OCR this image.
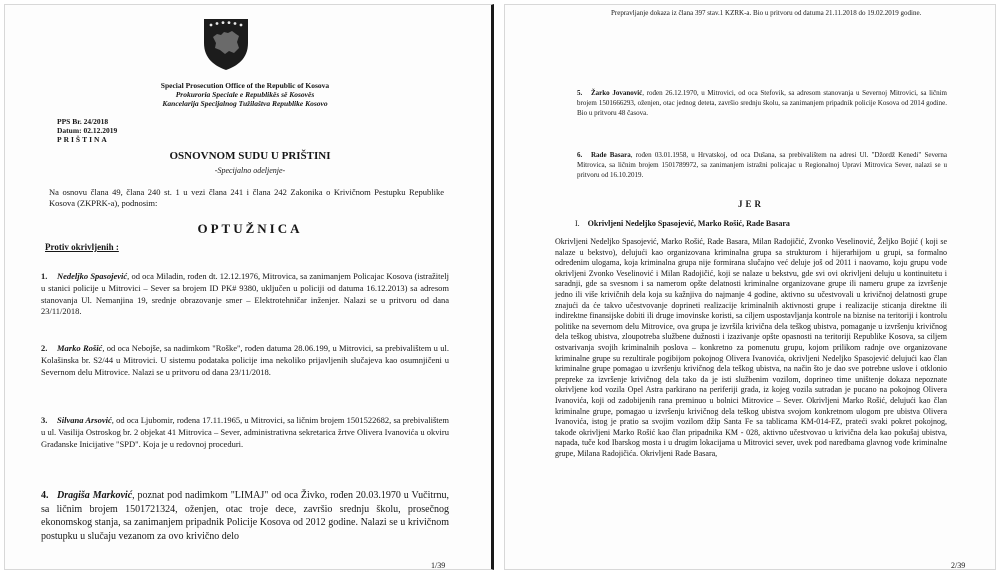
Special Prosecution Office of the Republic of Kosova
Prokuroria Speciale e Republikës së Kosovës
Kancelarija Specijalnog Tužilaštva Republike Kosovo
PPS Br. 24/2018
Datum: 02.12.2019
PRIŠTINA
OSNOVNOM SUDU U PRIŠTINI
-Specijalno odeljenje-
Na osnovu člana 49, člana 240 st. 1 u vezi člana 241 i člana 242 Zakonika o Krivičnom Pestupku Republike Kosova (ZKPRK-a), podnosim:
OPTUŽNICA
Protiv okrivljenih :
1. Nedeljko Spasojević, od oca Miladin, rođen dt. 12.12.1976, Mitrovica, sa zanimanjem Policajac Kosova (istražitelj u stanici policije u Mitrovici – Sever sa brojem ID PK# 9380, uključen u policiji od datuma 16.12.2013) sa adresom stanovanja Ul. Nemanjina 19, srednje obrazovanje smer – Elektrotehničar inženjer. Nalazi se u pritvoru od dana 23/11/2018.
2. Marko Rošić, od oca Nebojše, sa nadimkom "Roške", rođen datuma 28.06.199, u Mitrovici, sa prebivalištem u ul. Kolašinska br. S2/44 u Mitrovici. U sistemu podataka policije ima nekoliko prijavljenih slučajeva kao osumnjičeni u Severnom delu Mitrovice. Nalazi se u pritvoru od dana 23/11/2018.
3. Silvana Arsović, od oca Ljubomir, rođena 17.11.1965, u Mitrovici, sa ličnim brojem 1501522682, sa prebivalištem u ul. Vasilija Ostroskog br. 2 objekat 41 Mitrovica – Sever, administrativna sekretarica žrtve Olivera Ivanovića u okviru Građanske Inicijative "SPD". Koja je u redovnoj proceduri.
4. Dragiša Marković, poznat pod nadimkom "LIMAJ" od oca Živko, rođen 20.03.1970 u Vučitrnu, sa ličnim brojem 1501721324, oženjen, otac troje dece, završio srednju školu, prosečnog ekonomskog stanja, sa zanimanjem pripadnik Policije Kosova od 2012 godine. Nalazi se u krivičnom postupku u slučaju vezanom za ovo krivično delo
1/39
Prepravljanje dokaza iz člana 397 stav.1 KZRK-a. Bio u pritvoru od datuma 21.11.2018 do 19.02.2019 godine.
5. Žarko Jovanović, rođen 26.12.1970, u Mitrovici, od oca Stefovik, sa adresom stanovanja u Severnoj Mitrovici, sa ličnim brojem 1501666293, oženjen, otac jednog deteta, završio srednju školu, sa zanimanjem pripadnik policije Kosova od 2014 godine. Bio u pritvoru 48 časova.
6. Rade Basara, rođen 03.01.1958, u Hrvatskoj, od oca Dušana, sa prebivalištem na adresi Ul. "Džordž Kenedi" Severna Mitrovica, sa ličnim brojem 1501789972, sa zanimanjem istražni policajac u Regionalnoj Upravi Mitrovica Sever, nalazi se u pritvoru od 16.10.2019.
JER
I. Okrivljeni Nedeljko Spasojević, Marko Rošić, Rade Basara
Okrivljeni Nedeljko Spasojević, Marko Rošić, Rade Basara, Milan Radojičić, Zvonko Veselinović, Željko Bojić ( koji se nalaze u bekstvo), delujući kao organizovana kriminalna grupa sa strukturom i hijerarhijom u grupi, sa formalno određenim ulogama, koja kriminalna grupa nije formirana slučajno već deluje još od 2011 i naovamo, koju grupu vode okrivljeni Zvonko Veselinović i Milan Radojičić, koji se nalaze u bekstvu, gde svi ovi okrivljeni deluju u kontinuitetu i saradnji, gde sa svesnom i sa namerom opšte delatnosti kriminalne organizovane grupe ili nameru grupe za izvršenje jedno ili više krivičnih dela koja su kažnjiva do najmanje 4 godine, aktivno su učestvovali u krivičnoj delatnosti grupe znajući da će takvo učestvovanje doprineti realizacije kriminalnih aktivnosti grupe i realizacije sticanja direktne ili indirektne finansijske dobiti ili druge imovinske koristi, sa ciljem uspostavljanja kontrole na biznise na teritoriji i kontrolu politike na severnom delu Mitrovice, ova grupa je izvršila krivična dela teškog ubistva, pomaganje u izvršenju krivičnog dela teškog ubistva, zloupotreba službene dužnosti i izazivanje opšte opasnosti na teritoriji Republike Kosova, sa ciljem ostvarivanja svojih kriminalnih poslova – konkretno za pomenutu grupu, kojom prilikom radnje ove organizovane kriminalne grupe su rezultirale pogibijom pokojnog Olivera Ivanovića, okrivljeni Nedeljko Spasojević delujući kao član kriminalne grupe pomagao u izvršenju krivičnog dela teškog ubistva, na način što je dao sve potrebne uslove i otklonio prepreke za izvršenje krivičnog dela tako da je isti službenim vozilom, doprineo time uništenje dokaza nepoznate okrivljene kod vozila Opel Astra parkirano na periferiji grada, iz kojeg vozila sutradan je pucano na pokojnog Olivera Ivanovića, koji od zadobijenih rana preminuo u bolnici Mitrovice – Sever. Okrivljeni Marko Rošić, delujući kao član kriminalne grupe, pomagao u izvršenju krivičnog dela teškog ubistva svojom konkretnom ulogom pre ubistva Olivera Ivanovića, istog je pratio sa svojim vozilom džip Santa Fe sa tablicama KM-014-FZ, prateći svaki pokret pokojnog, takođe okrivljeni Marko Rošić kao član pripadnika KM - 028, aktivno učestvovao u krivična dela kao pokušaj ubistva, napada, tuče kod Ibarskog mosta i u drugim lokacijama u Mitrovici sever, uvek pod naredbama glavnog vođe kriminalne grupe, Milana Radojičića. Okrivljeni Rade Basara,
2/39
